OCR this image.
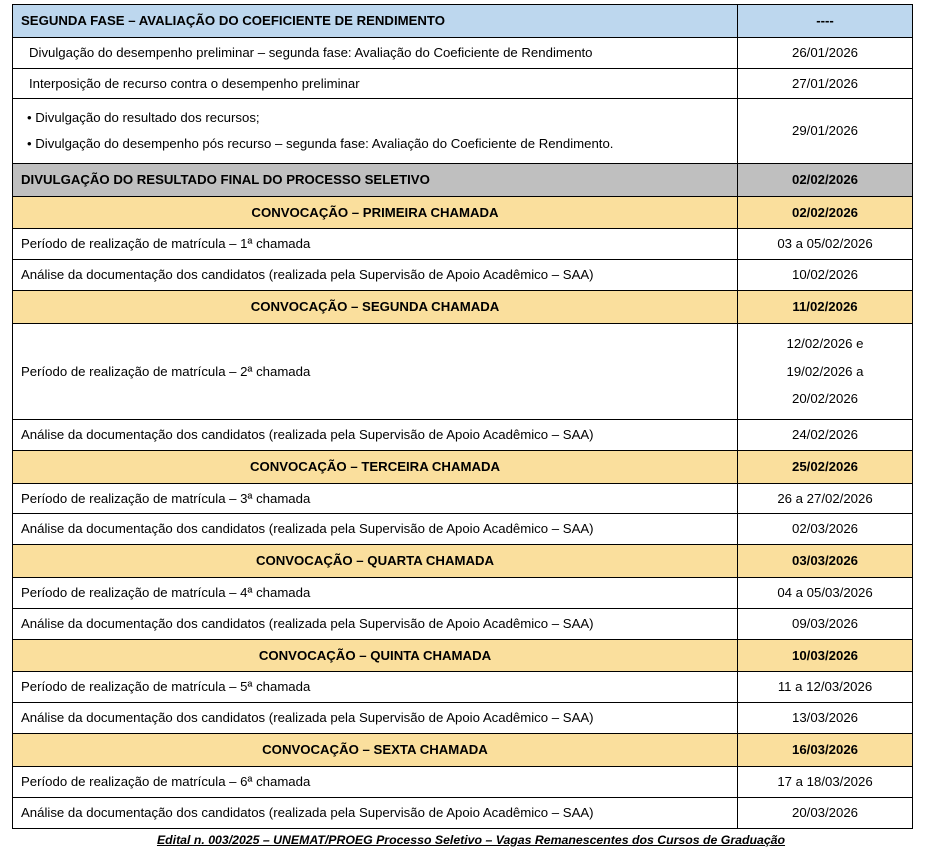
SEGUNDA FASE – AVALIAÇÃO DO COEFICIENTE DE RENDIMENTO	----

Divulgação do desempenho preliminar – segunda fase: Avaliação do Coeficiente de Rendimento	26/01/2026

Interposição de recurso contra o desempenho preliminar	27/01/2026

• Divulgação do resultado dos recursos;
• Divulgação do desempenho pós recurso – segunda fase: Avaliação do Coeficiente de Rendimento.	29/01/2026

DIVULGAÇÃO DO RESULTADO FINAL DO PROCESSO SELETIVO	02/02/2026

CONVOCAÇÃO – PRIMEIRA CHAMADA	02/02/2026

Período de realização de matrícula – 1ª chamada	03 a 05/02/2026

Análise da documentação dos candidatos (realizada pela Supervisão de Apoio Acadêmico – SAA)	10/02/2026

CONVOCAÇÃO – SEGUNDA CHAMADA	11/02/2026

Período de realização de matrícula – 2ª chamada	12/02/2026 e
19/02/2026 a
20/02/2026

Análise da documentação dos candidatos (realizada pela Supervisão de Apoio Acadêmico – SAA)	24/02/2026

CONVOCAÇÃO – TERCEIRA CHAMADA	25/02/2026

Período de realização de matrícula – 3ª chamada	26 a 27/02/2026

Análise da documentação dos candidatos (realizada pela Supervisão de Apoio Acadêmico – SAA)	02/03/2026

CONVOCAÇÃO – QUARTA CHAMADA	03/03/2026

Período de realização de matrícula – 4ª chamada	04 a 05/03/2026

Análise da documentação dos candidatos (realizada pela Supervisão de Apoio Acadêmico – SAA)	09/03/2026

CONVOCAÇÃO – QUINTA CHAMADA	10/03/2026

Período de realização de matrícula – 5ª chamada	11 a 12/03/2026

Análise da documentação dos candidatos (realizada pela Supervisão de Apoio Acadêmico – SAA)	13/03/2026

CONVOCAÇÃO – SEXTA CHAMADA	16/03/2026

Período de realização de matrícula – 6ª chamada	17 a 18/03/2026

Análise da documentação dos candidatos (realizada pela Supervisão de Apoio Acadêmico – SAA)	20/03/2026
Edital n. 003/2025 – UNEMAT/PROEG Processo Seletivo – Vagas Remanescentes dos Cursos de Graduação
